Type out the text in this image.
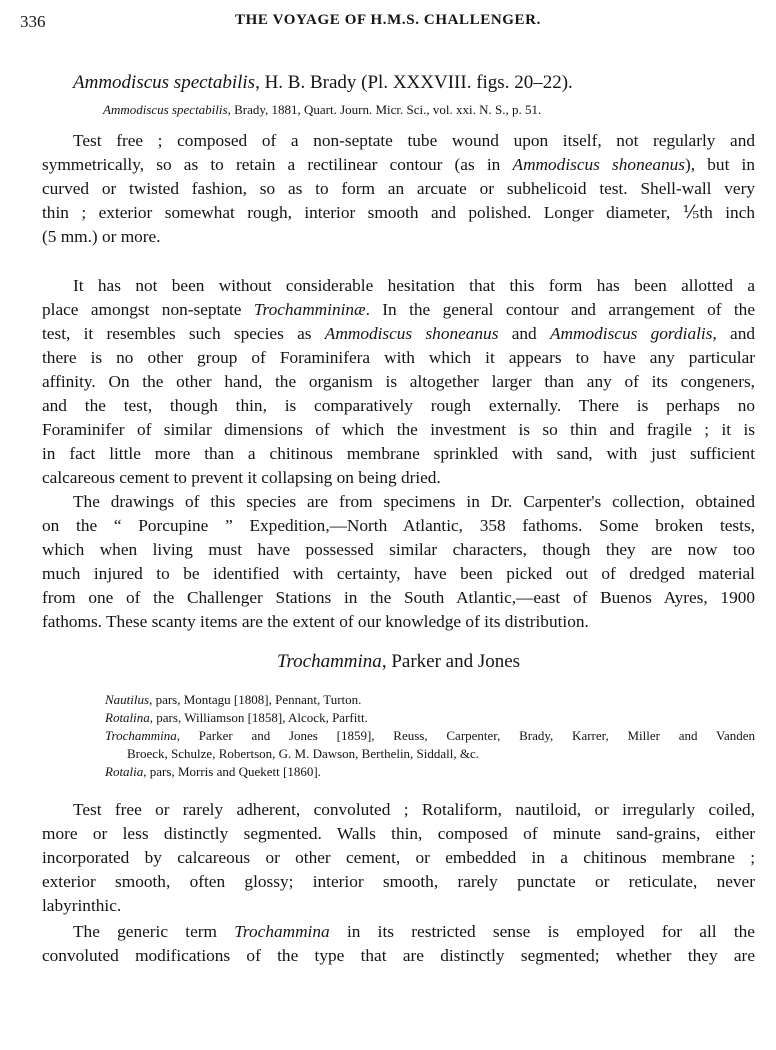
336	THE VOYAGE OF H.M.S. CHALLENGER.
Ammodiscus spectabilis, H. B. Brady (Pl. XXXVIII. figs. 20–22).
Ammodiscus spectabilis, Brady, 1881, Quart. Journ. Micr. Sci., vol. xxi. N. S., p. 51.
Test free ; composed of a non-septate tube wound upon itself, not regularly and
symmetrically, so as to retain a rectilinear contour (as in Ammodiscus shoneanus), but in
curved or twisted fashion, so as to form an arcuate or subhelicoid test. Shell-wall very
thin ; exterior somewhat rough, interior smooth and polished. Longer diameter, ⅕th inch
(5 mm.) or more.
It has not been without considerable hesitation that this form has been allotted a
place amongst non-septate Trochammininæ. In the general contour and arrangement of the
test, it resembles such species as Ammodiscus shoneanus and Ammodiscus gordialis, and
there is no other group of Foraminifera with which it appears to have any particular
affinity. On the other hand, the organism is altogether larger than any of its congeners,
and the test, though thin, is comparatively rough externally. There is perhaps no
Foraminifer of similar dimensions of which the investment is so thin and fragile ; it is
in fact little more than a chitinous membrane sprinkled with sand, with just sufficient
calcareous cement to prevent it collapsing on being dried.
The drawings of this species are from specimens in Dr. Carpenter's collection, obtained
on the “ Porcupine ” Expedition,—North Atlantic, 358 fathoms. Some broken tests,
which when living must have possessed similar characters, though they are now too
much injured to be identified with certainty, have been picked out of dredged material
from one of the Challenger Stations in the South Atlantic,—east of Buenos Ayres, 1900
fathoms. These scanty items are the extent of our knowledge of its distribution.
Trochammina, Parker and Jones
Nautilus, pars, Montagu [1808], Pennant, Turton.
Rotalina, pars, Williamson [1858], Alcock, Parfitt.
Trochammina, Parker and Jones [1859], Reuss, Carpenter, Brady, Karrer, Miller and Vanden
Broeck, Schulze, Robertson, G. M. Dawson, Berthelin, Siddall, &c.
Rotalia, pars, Morris and Quekett [1860].
Test free or rarely adherent, convoluted ; Rotaliform, nautiloid, or irregularly coiled,
more or less distinctly segmented. Walls thin, composed of minute sand-grains, either
incorporated by calcareous or other cement, or embedded in a chitinous membrane ;
exterior smooth, often glossy; interior smooth, rarely punctate or reticulate, never
labyrinthic.
The generic term Trochammina in its restricted sense is employed for all the
convoluted modifications of the type that are distinctly segmented; whether they are
